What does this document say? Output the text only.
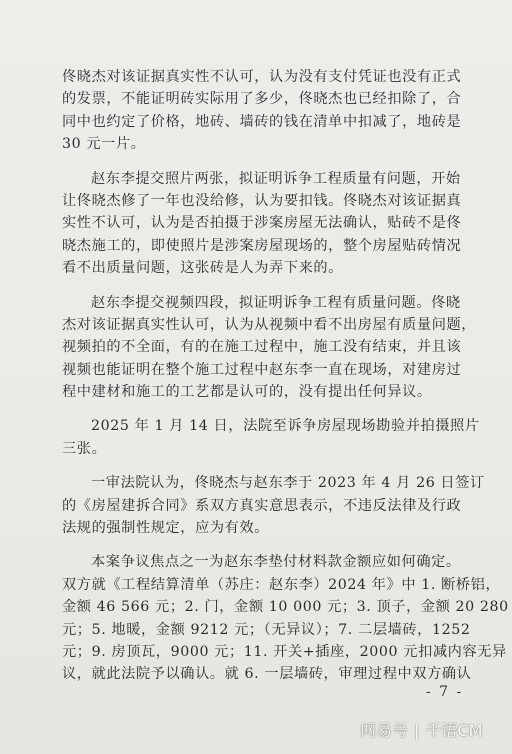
佟晓杰对该证据真实性不认可，认为没有支付凭证也没有正式
的发票，不能证明砖实际用了多少，佟晓杰也已经扣除了，合
同中也约定了价格，地砖、墙砖的钱在清单中扣减了，地砖是
30 元一片。
赵东李提交照片两张，拟证明诉争工程质量有问题，开始
让佟晓杰修了一年也没给修，认为要扣钱。佟晓杰对该证据真
实性不认可，认为是否拍摄于涉案房屋无法确认，贴砖不是佟
晓杰施工的，即使照片是涉案房屋现场的，整个房屋贴砖情况
看不出质量问题，这张砖是人为弄下来的。
赵东李提交视频四段，拟证明诉争工程有质量问题。佟晓
杰对该证据真实性认可，认为从视频中看不出房屋有质量问题，
视频拍的不全面，有的在施工过程中，施工没有结束，并且该
视频也能证明在整个施工过程中赵东李一直在现场，对建房过
程中建材和施工的工艺都是认可的，没有提出任何异议。
2025 年 1 月 14 日，法院至诉争房屋现场勘验并拍摄照片
三张。
一审法院认为，佟晓杰与赵东李于 2023 年 4 月 26 日签订
的《房屋建拆合同》系双方真实意思表示，不违反法律及行政
法规的强制性规定，应为有效。
本案争议焦点之一为赵东李垫付材料款金额应如何确定。
双方就《工程结算清单（苏庄：赵东李）2024 年》中 1. 断桥铝，
金额 46 566 元；2. 门，金额 10 000 元；3. 顶子，金额 20 280
元；5. 地暖，金额 9212 元；（无异议）；7. 二层墙砖，1252
元；9. 房顶瓦，9000 元；11. 开关+插座，2000 元扣减内容无异
议，就此法院予以确认。就 6. 一层墙砖，审理过程中双方确认
- 7 -
网易号 | 千语CM
